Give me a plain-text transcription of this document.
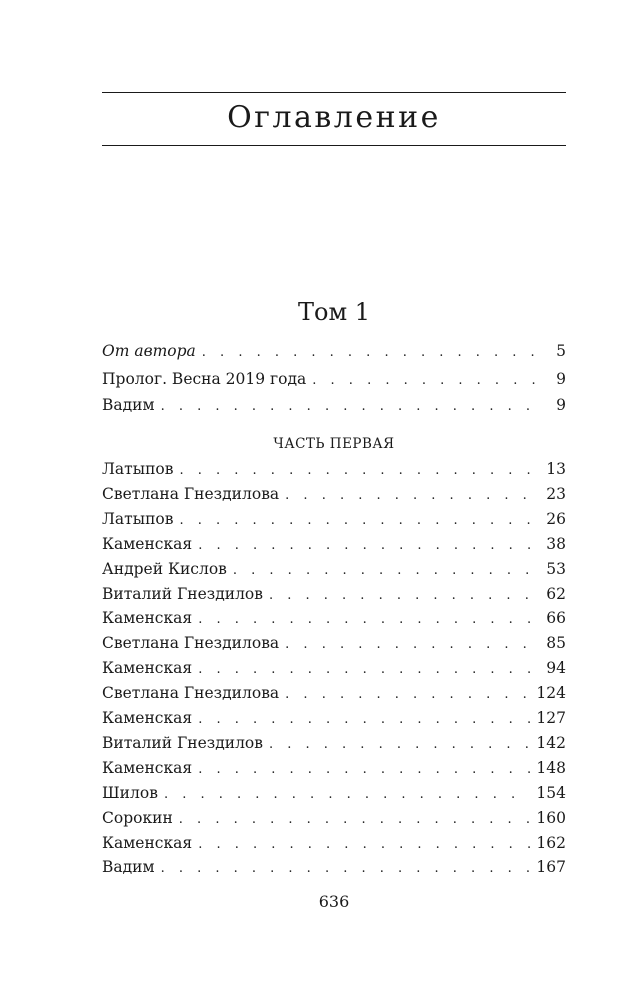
Оглавление
Том 1
ЧАСТЬ ПЕРВАЯ
От автора . . .	5
Пролог. Весна 2019 года . . .	9
Вадим . . .	9
Латыпов . . .	13
Светлана Гнездилова . . .	23
Латыпов . . .	26
Каменская . . .	38
Андрей Кислов . . .	53
Виталий Гнездилов . . .	62
Каменская . . .	66
Светлана Гнездилова . . .	85
Каменская . . .	94
Светлана Гнездилова . . .	124
Каменская . . .	127
Виталий Гнездилов . . .	142
Каменская . . .	148
Шилов . . .	154
Сорокин . . .	160
Каменская . . .	162
Вадим . . .	167
636
